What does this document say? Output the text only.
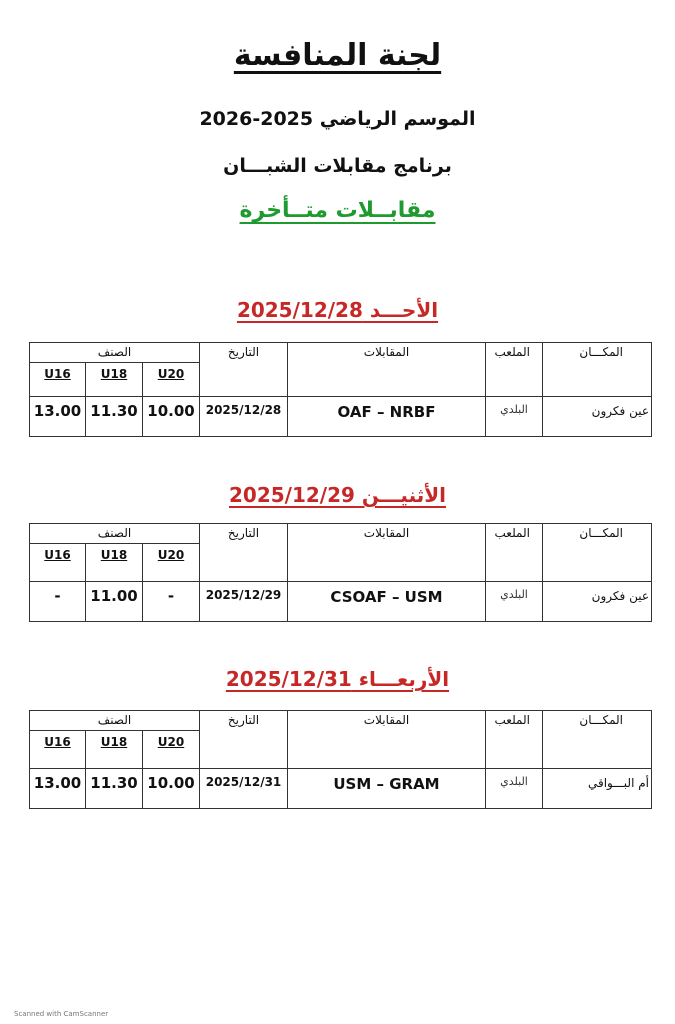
لجنة المنافسة
الموسم الرياضي 2025-2026
برنامج مقابلات الشبـــان
مقابــلات متــأخرة
الأحـــد 2025/12/28
الصنف			التاريخ	المقابلات	الملعب	المكـــان
U16	U18	U20				
13.00	11.30	10.00	2025/12/28	OAF – NRBF	البلدي	عين فكرون
الأثنيـــن 2025/12/29
الصنف			التاريخ	المقابلات	الملعب	المكـــان
U16	U18	U20				
-	11.00	-	2025/12/29	CSOAF – USM	البلدي	عين فكرون
الأربعـــاء 2025/12/31
الصنف			التاريخ	المقابلات	الملعب	المكـــان
U16	U18	U20				
13.00	11.30	10.00	2025/12/31	USM – GRAM	البلدي	أم البـــواقي
Scanned with CamScanner
